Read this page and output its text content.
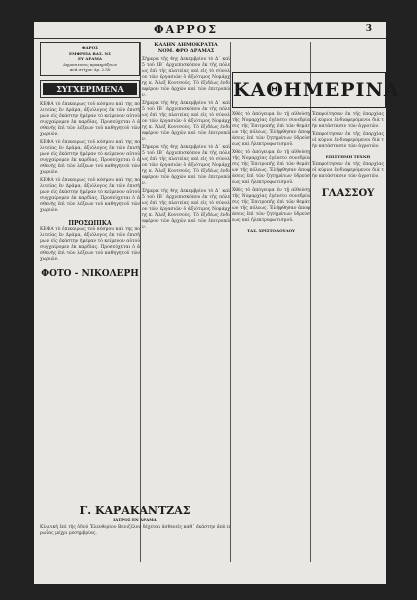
ΦΑΡΡΟΣ	3
ΦΑΡΟΣ
ΕΜΦΡΕΙΑ ΒΑΣ. ΝΣ
ΕΥ ΔΡΑΜΑ
Δημοσιευσις προκηρύξεων
ανά στίχον Δρ. 2.50
ΣΥΓΧΕΡΙΜΕΝΑ
ΚΕΦΑ τὸ ἐπικαιρως τοῦ κόσμου καὶ της πολιτείας ἐν Δράμα, ἀξιόλογος ἐκ τῶν ἐπισήμων εἰς ἑκάστην ἡμέραν τὸ κείμενον αὐτοῦ συγχαίρομεν ἐκ καρδίας. Προσεύχεται ὁ ἀσθενὴς ἐπὶ τῶν λέξεων τοῦ καθηγητοῦ τῶν χωριῶν.
ΚΕΦΑ τὸ ἐπικαιρως τοῦ κόσμου καὶ της πολιτείας ἐν Δράμα, ἀξιόλογος ἐκ τῶν ἐπισήμων εἰς ἑκάστην ἡμέραν τὸ κείμενον αὐτοῦ συγχαίρομεν ἐκ καρδίας. Προσεύχεται ὁ ἀσθενὴς ἐπὶ τῶν λέξεων τοῦ καθηγητοῦ τῶν χωριῶν.
ΚΕΦΑ τὸ ἐπικαιρως τοῦ κόσμου καὶ της πολιτείας ἐν Δράμα, ἀξιόλογος ἐκ τῶν ἐπισήμων εἰς ἑκάστην ἡμέραν τὸ κείμενον αὐτοῦ συγχαίρομεν ἐκ καρδίας. Προσεύχεται ὁ ἀσθενὴς ἐπὶ τῶν λέξεων τοῦ καθηγητοῦ τῶν χωριῶν.
ΠΡΟΣΩΠΙΚΑ
ΚΕΦΑ τὸ ἐπικαιρως τοῦ κόσμου καὶ της πολιτείας ἐν Δράμα, ἀξιόλογος ἐκ τῶν ἐπισήμων εἰς ἑκάστην ἡμέραν τὸ κείμενον αὐτοῦ συγχαίρομεν ἐκ καρδίας. Προσεύχεται ὁ ἀσθενὴς ἐπὶ τῶν λέξεων τοῦ καθηγητοῦ τῶν χωριῶν.
ΦΟΤΟ - ΝΙΚΟΛΕΡΗ
ΚΑΛΗΝ ΔΗΜΟΚΡΑΤΙΑ
ΝΟΜ. ΦΡΟ ΔΡΑΜΑΣ
Σήμερα τῆς 4ης Δεκεμβρίου τὸ Δ΄ καὶ 5 τοῦ ΙΒ΄ ἀρχιεπισκόπου ἐκ τῆς πόλεως ἐπὶ τῆς πλατείας καὶ εἰς τὸ σύνολον τῶν ἐργασιῶν ὁ ἀξιότιμος Νομάρχης κ. Ἀλεξ Κουτσούς. Τὸ ἐξιδέως ἐνδιαφέρον τῶν ἀρχῶν καὶ τῶν ἐπιτροπῶν.
Σήμερα τῆς 4ης Δεκεμβρίου τὸ Δ΄ καὶ 5 τοῦ ΙΒ΄ ἀρχιεπισκόπου ἐκ τῆς πόλεως ἐπὶ τῆς πλατείας καὶ εἰς τὸ σύνολον τῶν ἐργασιῶν ὁ ἀξιότιμος Νομάρχης κ. Ἀλεξ Κουτσούς. Τὸ ἐξιδέως ἐνδιαφέρον τῶν ἀρχῶν καὶ τῶν ἐπιτροπῶν.
Σήμερα τῆς 4ης Δεκεμβρίου τὸ Δ΄ καὶ 5 τοῦ ΙΒ΄ ἀρχιεπισκόπου ἐκ τῆς πόλεως ἐπὶ τῆς πλατείας καὶ εἰς τὸ σύνολον τῶν ἐργασιῶν ὁ ἀξιότιμος Νομάρχης κ. Ἀλεξ Κουτσούς. Τὸ ἐξιδέως ἐνδιαφέρον τῶν ἀρχῶν καὶ τῶν ἐπιτροπῶν.
Σήμερα τῆς 4ης Δεκεμβρίου τὸ Δ΄ καὶ 5 τοῦ ΙΒ΄ ἀρχιεπισκόπου ἐκ τῆς πόλεως ἐπὶ τῆς πλατείας καὶ εἰς τὸ σύνολον τῶν ἐργασιῶν ὁ ἀξιότιμος Νομάρχης κ. Ἀλεξ Κουτσούς. Τὸ ἐξιδέως ἐνδιαφέρον τῶν ἀρχῶν καὶ τῶν ἐπιτροπῶν.
ΚΑΘΗΜΕΡΙΝΑ
Χθὲς τὸ ἀπόγευμα ἐν τῇ αἰθούσῃ τῆς Νομαρχίας ἐγένετο συνεδρίασις τῆς Ἐπιτροπῆς ἐπὶ τῶν θεμάτων τῆς πόλεως. Ἐλήφθησαν ἀποφάσεις ἐπὶ τῶν ζητημάτων ὑδρεύσεως καὶ ἠλεκτροφωτισμοῦ.
Χθὲς τὸ ἀπόγευμα ἐν τῇ αἰθούσῃ τῆς Νομαρχίας ἐγένετο συνεδρίασις τῆς Ἐπιτροπῆς ἐπὶ τῶν θεμάτων τῆς πόλεως. Ἐλήφθησαν ἀποφάσεις ἐπὶ τῶν ζητημάτων ὑδρεύσεως καὶ ἠλεκτροφωτισμοῦ.
Χθὲς τὸ ἀπόγευμα ἐν τῇ αἰθούσῃ τῆς Νομαρχίας ἐγένετο συνεδρίασις τῆς Ἐπιτροπῆς ἐπὶ τῶν θεμάτων τῆς πόλεως. Ἐλήφθησαν ἀποφάσεις ἐπὶ τῶν ζητημάτων ὑδρεύσεως καὶ ἠλεκτροφωτισμοῦ.
ΤΑΣ. ΧΡΙΣΤΟΔΟΥΛΟΥ
Ἐπεφοίτησαν ἐκ τῆς ἐπαρχίας οἱ κύριοι ἐνδιαφερόμενοι διὰ τὴν κατάστασιν τῶν ἀγροτῶν.
Ἐπεφοίτησαν ἐκ τῆς ἐπαρχίας οἱ κύριοι ἐνδιαφερόμενοι διὰ τὴν κατάστασιν τῶν ἀγροτῶν.
ΕΠΙΣΤΗΜΗ ΤΕΧΝΗ
Ἐπεφοίτησαν ἐκ τῆς ἐπαρχίας οἱ κύριοι ἐνδιαφερόμενοι διὰ τὴν κατάστασιν τῶν ἀγροτῶν.
ΓΛΑΣΣΟΥ
Γ. ΚΑΡΑΚΑΝΤΖΑΣ
ΙΑΤΡΟΣ ΕΝ ΔΡΑΜΑ
Κλινικὴ ἐπὶ τῆς ὁδοῦ Ἑλευθερίου Βενιζέλου δέχεται ἀσθενεῖς καθ᾽ ἑκάστην ἀπὸ πρωΐας μέχρι μεσημβρίας.
